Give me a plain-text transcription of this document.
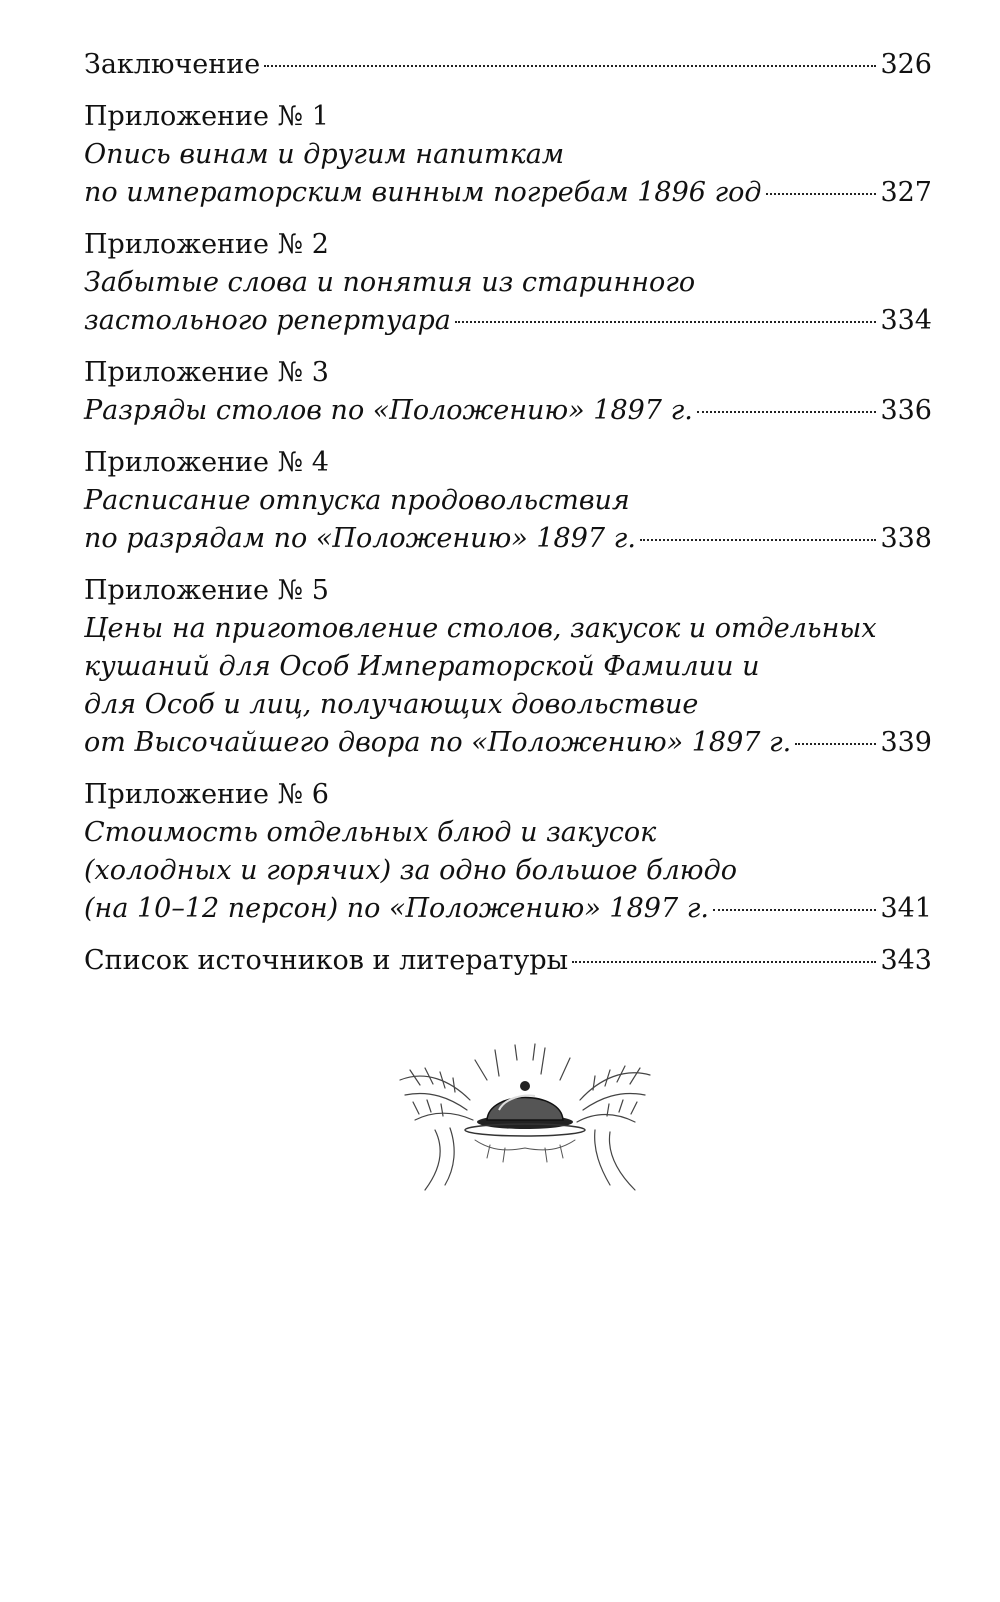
Заключение	326
Приложение № 1
Опись винам и другим напиткам
по императорским винным погребам 1896 год	327
Приложение № 2
Забытые слова и понятия из старинного
застольного репертуара	334
Приложение № 3
Разряды столов по «Положению» 1897 г.	336
Приложение № 4
Расписание отпуска продовольствия
по разрядам по «Положению» 1897 г.	338
Приложение № 5
Цены на приготовление столов, закусок и отдельных
кушаний для Особ Императорской Фамилии и
для Особ и лиц, получающих довольствие
от Высочайшего двора по «Положению» 1897 г.	339
Приложение № 6
Стоимость отдельных блюд и закусок
(холодных и горячих) за одно большое блюдо
(на 10–12 персон) по «Положению» 1897 г.	341
Список источников и литературы	343
